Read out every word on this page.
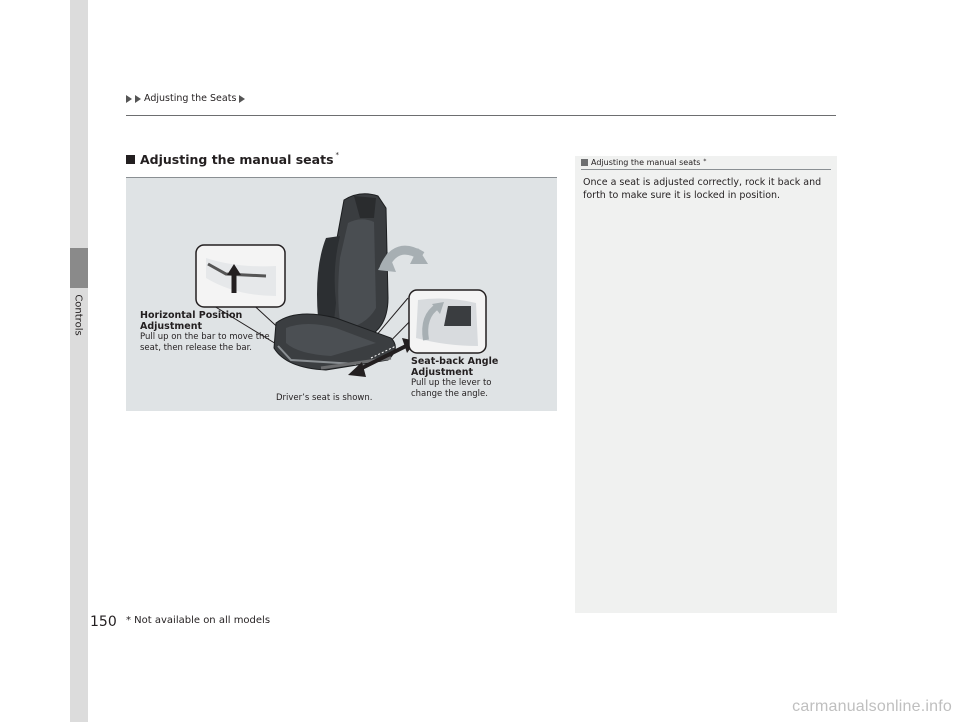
Controls
Adjusting the Seats
Adjusting the manual seats *
Horizontal Position
Adjustment
Pull up on the bar to move the
seat, then release the bar.
Seat-back Angle
Adjustment
Pull up the lever to
change the angle.
Driver’s seat is shown.
Adjusting the manual seats *
Once a seat is adjusted correctly, rock it back and
forth to make sure it is locked in position.
150 * Not available on all models
carmanualsonline.info
